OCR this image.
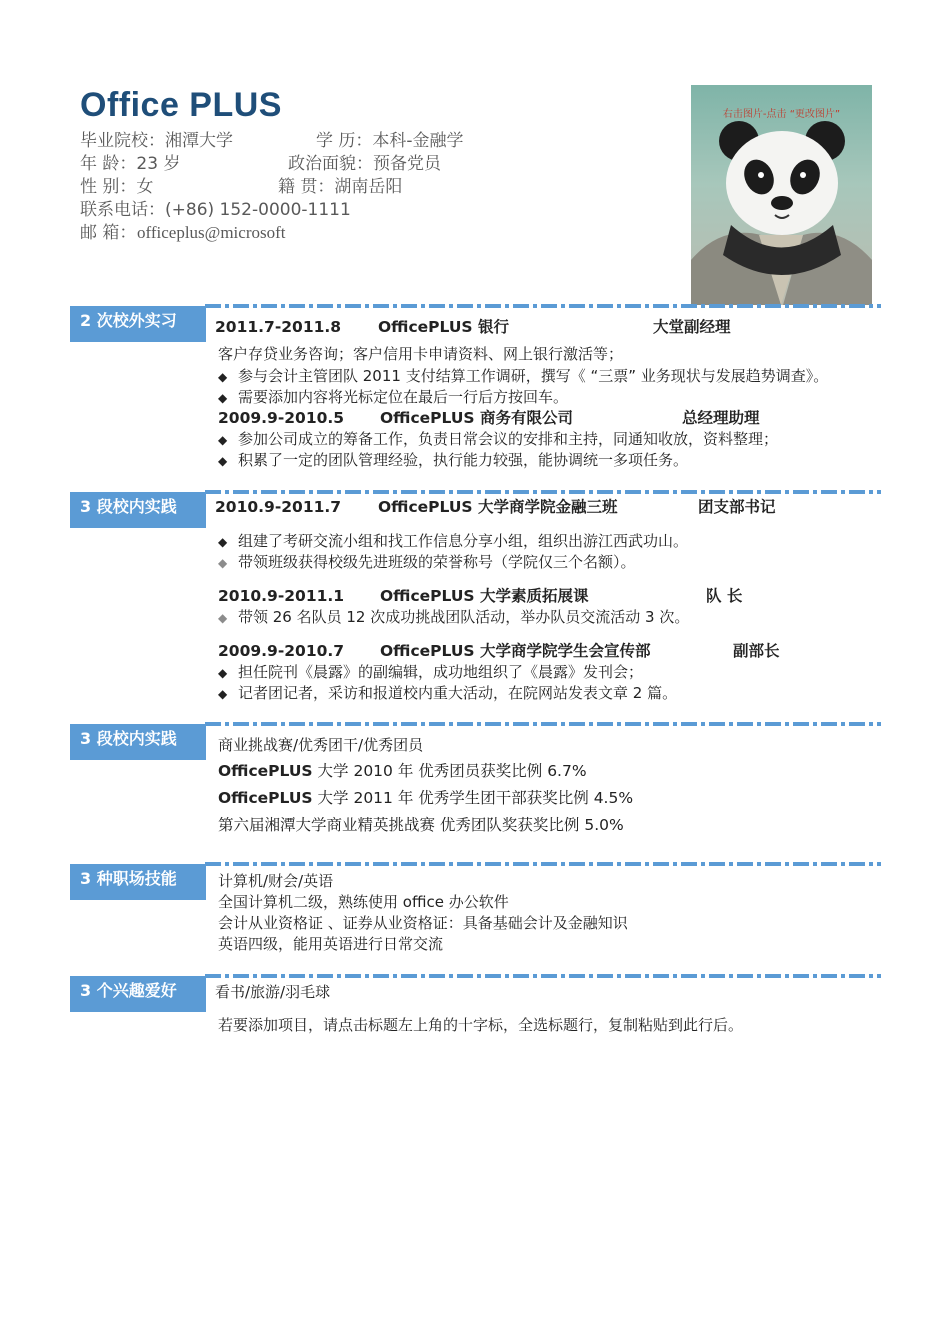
Office PLUS
毕业院校：湘潭大学	学 历：本科-金融学
年 龄：23 岁	政治面貌：预备党员
性 别：女	籍 贯：湖南岳阳
联系电话：(+86) 152-0000-1111
邮 箱： officeplus@microsoft
右击图片-点击 “更改图片”
2 次校外实习	2011.7-2011.8 OfficePLUS 银行	大堂副经理
客户存贷业务咨询；客户信用卡申请资料、网上银行激活等；
◆ 参与会计主管团队 2011 支付结算工作调研，撰写《 “三票” 业务现状与发展趋势调查》。
◆ 需要添加内容将光标定位在最后一行后方按回车。
2009.9-2010.5 OfficePLUS 商务有限公司	总经理助理
◆ 参加公司成立的筹备工作，负责日常会议的安排和主持，同通知收放，资料整理；
◆ 积累了一定的团队管理经验，执行能力较强，能协调统一多项任务。
3 段校内实践	2010.9-2011.7 OfficePLUS 大学商学院金融三班	团支部书记
◆ 组建了考研交流小组和找工作信息分享小组，组织出游江西武功山。
◆ 带领班级获得校级先进班级的荣誉称号（学院仅三个名额）。
2010.9-2011.1 OfficePLUS 大学素质拓展课	队 长
◆ 带领 26 名队员 12 次成功挑战团队活动，举办队员交流活动 3 次。
2009.9-2010.7 OfficePLUS 大学商学院学生会宣传部	副部长
◆ 担任院刊《晨露》的副编辑，成功地组织了《晨露》发刊会；
◆ 记者团记者，采访和报道校内重大活动，在院网站发表文章 2 篇。
3 段校内实践	商业挑战赛/优秀团干/优秀团员
OfficePLUS 大学 2010 年 优秀团员获奖比例 6.7%
OfficePLUS 大学 2011 年 优秀学生团干部获奖比例 4.5%
第六届湘潭大学商业精英挑战赛 优秀团队奖获奖比例 5.0%
3 种职场技能	计算机/财会/英语
全国计算机二级，熟练使用 office 办公软件
会计从业资格证 、证券从业资格证：具备基础会计及金融知识
英语四级，能用英语进行日常交流
3 个兴趣爱好	看书/旅游/羽毛球
若要添加项目，请点击标题左上角的十字标，全选标题行，复制粘贴到此行后。
